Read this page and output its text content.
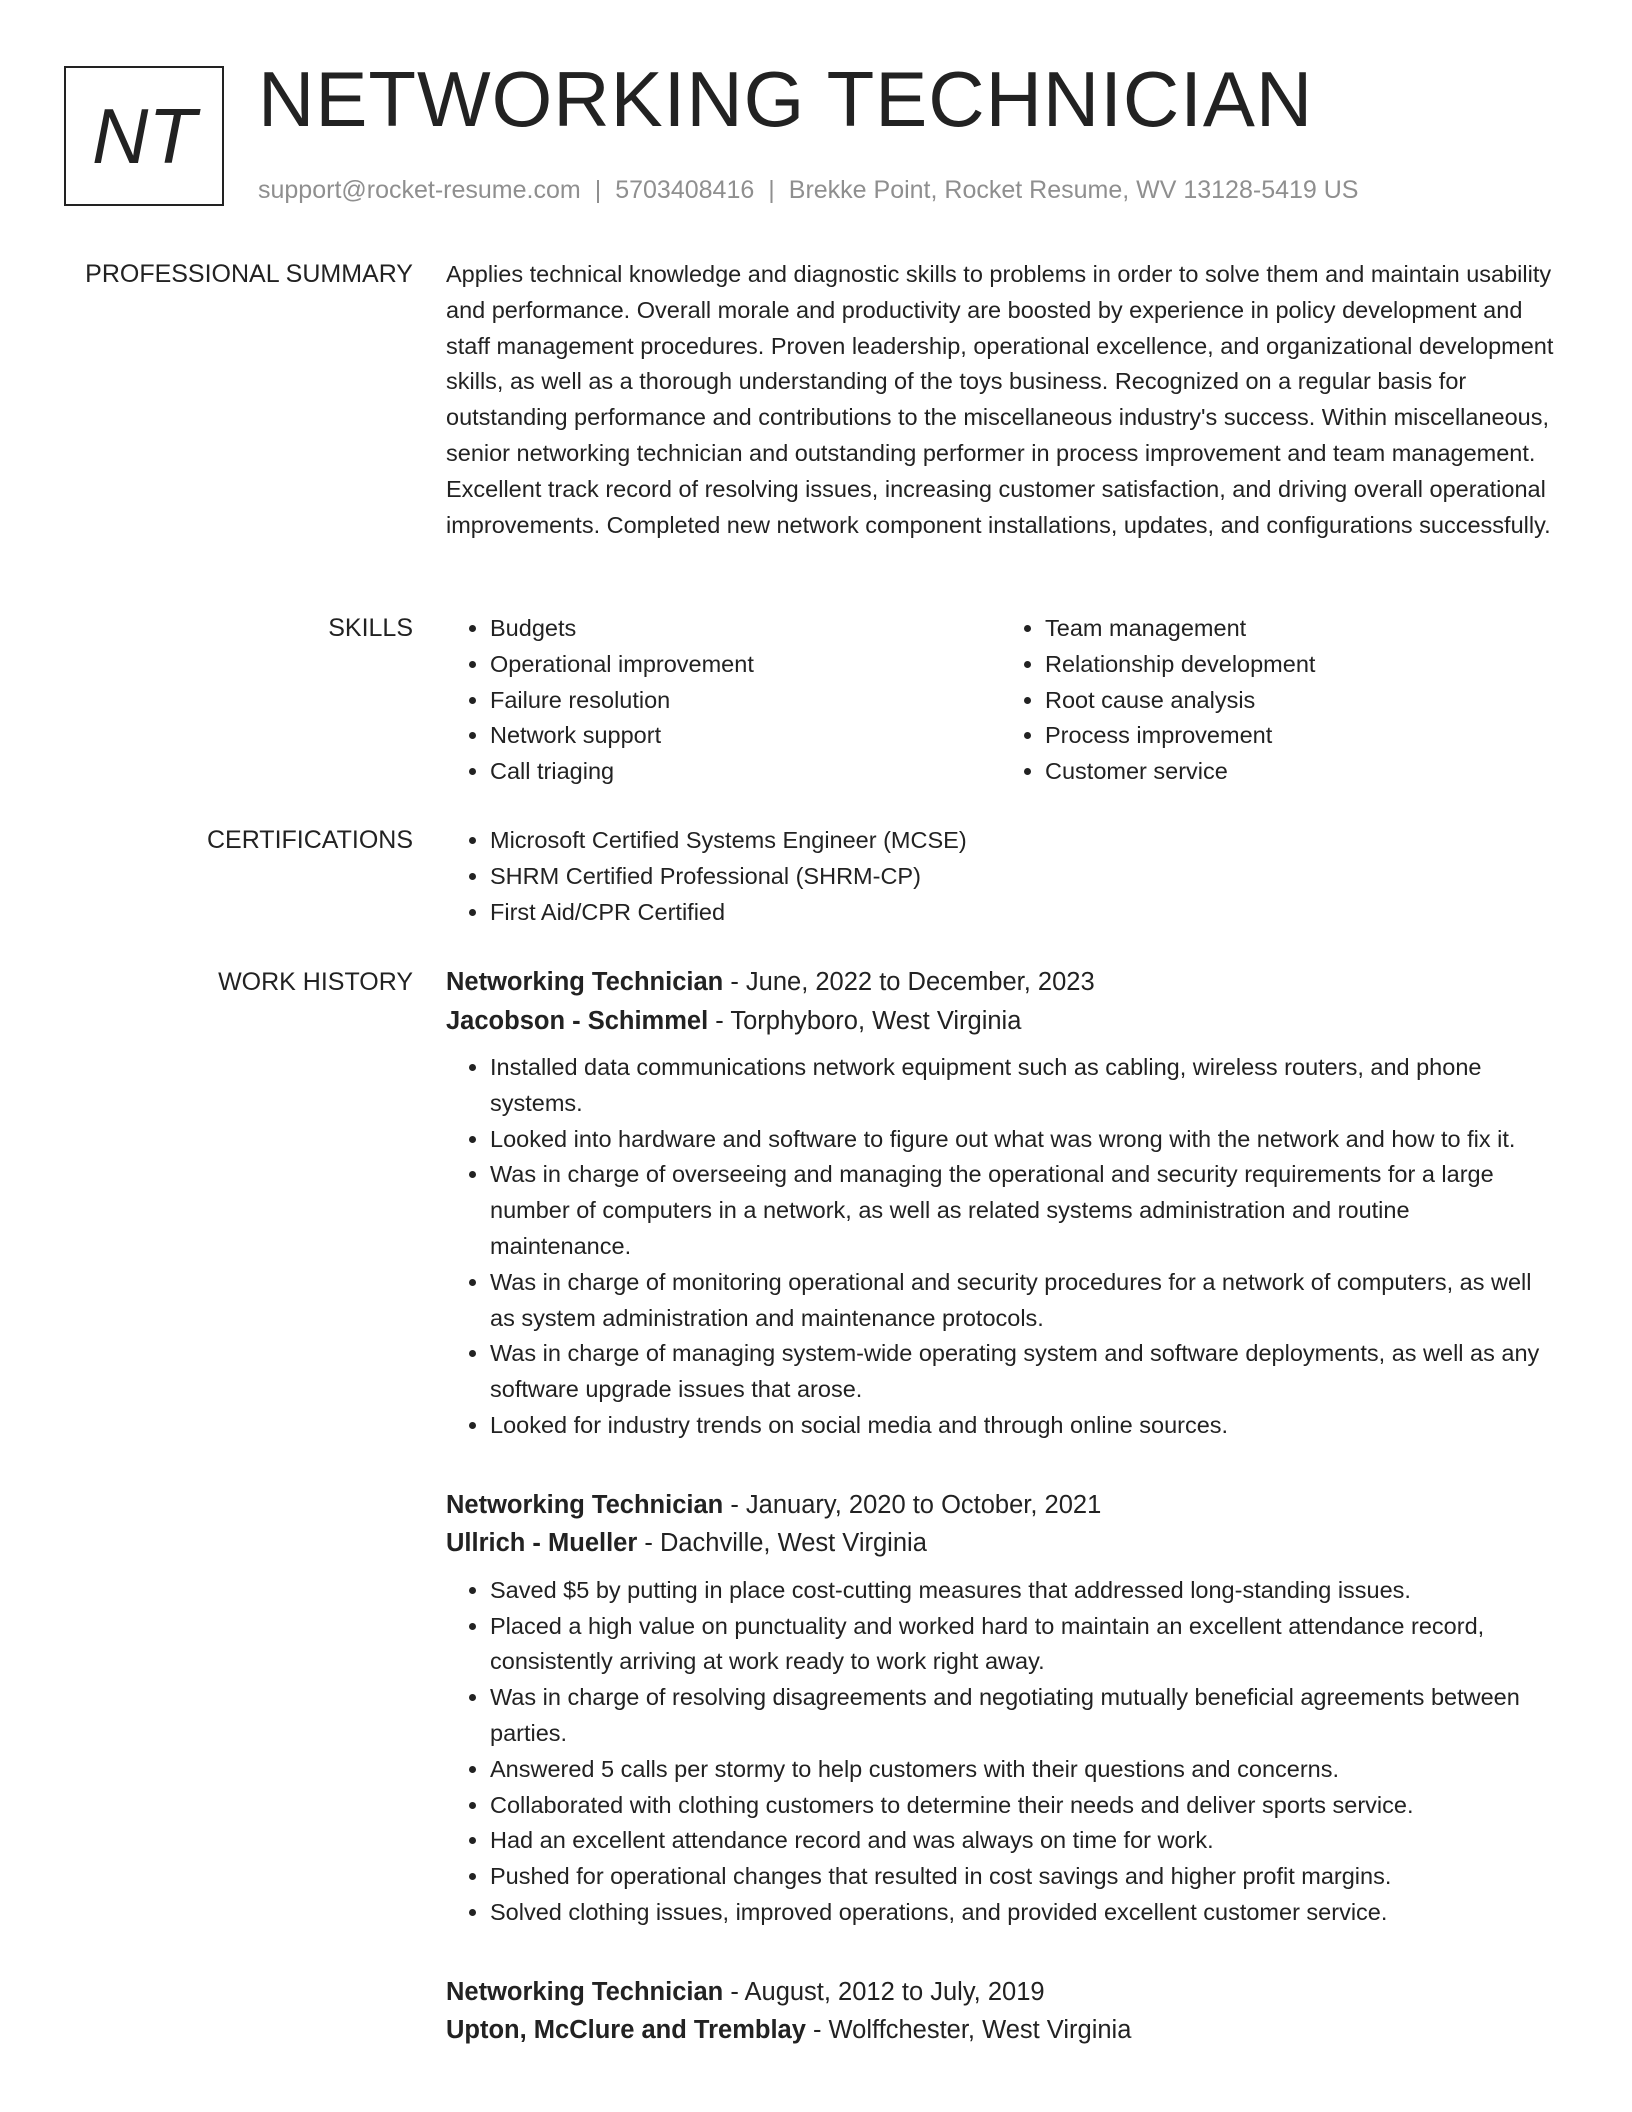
NT NETWORKING TECHNICIAN
support@rocket-resume.com | 5703408416 | Brekke Point, Rocket Resume, WV 13128-5419 US
PROFESSIONAL SUMMARY Applies technical knowledge and diagnostic skills to problems in order to solve them and maintain usability and performance. Overall morale and productivity are boosted by experience in policy development and staff management procedures. Proven leadership, operational excellence, and organizational development skills, as well as a thorough understanding of the toys business. Recognized on a regular basis for outstanding performance and contributions to the miscellaneous industry's success. Within miscellaneous, senior networking technician and outstanding performer in process improvement and team management. Excellent track record of resolving issues, increasing customer satisfaction, and driving overall operational improvements. Completed new network component installations, updates, and configurations successfully.

SKILLS	• Budgets
• Operational improvement
• Failure resolution
• Network support
• Call triaging
• Team management
• Relationship development
• Root cause analysis
• Process improvement
• Customer service
CERTIFICATIONS	• Microsoft Certified Systems Engineer (MCSE)
• SHRM Certified Professional (SHRM-CP)
• First Aid/CPR Certified
WORK HISTORY Networking Technician - June, 2022 to December, 2023
Jacobson - Schimmel - Torphyboro, West Virginia
• Installed data communications network equipment such as cabling, wireless routers, and phone systems.
• Looked into hardware and software to figure out what was wrong with the network and how to fix it.
• Was in charge of overseeing and managing the operational and security requirements for a large number of computers in a network, as well as related systems administration and routine maintenance.
• Was in charge of monitoring operational and security procedures for a network of computers, as well as system administration and maintenance protocols.
• Was in charge of managing system-wide operating system and software deployments, as well as any software upgrade issues that arose.
• Looked for industry trends on social media and through online sources.
Networking Technician - January, 2020 to October, 2021
Ullrich - Mueller - Dachville, West Virginia
• Saved $5 by putting in place cost-cutting measures that addressed long-standing issues.
• Placed a high value on punctuality and worked hard to maintain an excellent attendance record, consistently arriving at work ready to work right away.
• Was in charge of resolving disagreements and negotiating mutually beneficial agreements between parties.
• Answered 5 calls per stormy to help customers with their questions and concerns.
• Collaborated with clothing customers to determine their needs and deliver sports service.
• Had an excellent attendance record and was always on time for work.
• Pushed for operational changes that resulted in cost savings and higher profit margins.
• Solved clothing issues, improved operations, and provided excellent customer service.
Networking Technician - August, 2012 to July, 2019
Upton, McClure and Tremblay - Wolffchester, West Virginia
